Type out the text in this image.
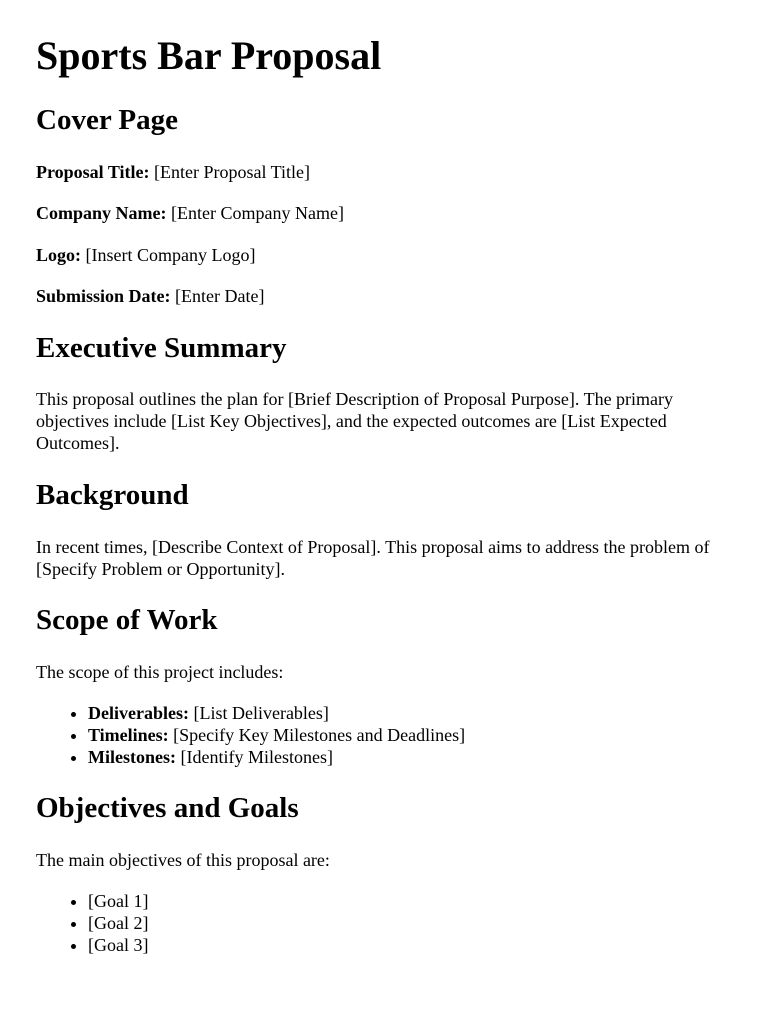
Sports Bar Proposal
Cover Page

Proposal Title: [Enter Proposal Title]

Company Name: [Enter Company Name]

Logo: [Insert Company Logo]

Submission Date: [Enter Date]

Executive Summary

This proposal outlines the plan for [Brief Description of Proposal Purpose]. The primary objectives include [List Key Objectives], and the expected outcomes are [List Expected Outcomes].

Background

In recent times, [Describe Context of Proposal]. This proposal aims to address the problem of [Specify Problem or Opportunity].

Scope of Work

The scope of this project includes:

• Deliverables: [List Deliverables]
• Timelines: [Specify Key Milestones and Deadlines]
• Milestones: [Identify Milestones]
Objectives and Goals

The main objectives of this proposal are:

• [Goal 1]
• [Goal 2]
• [Goal 3]
